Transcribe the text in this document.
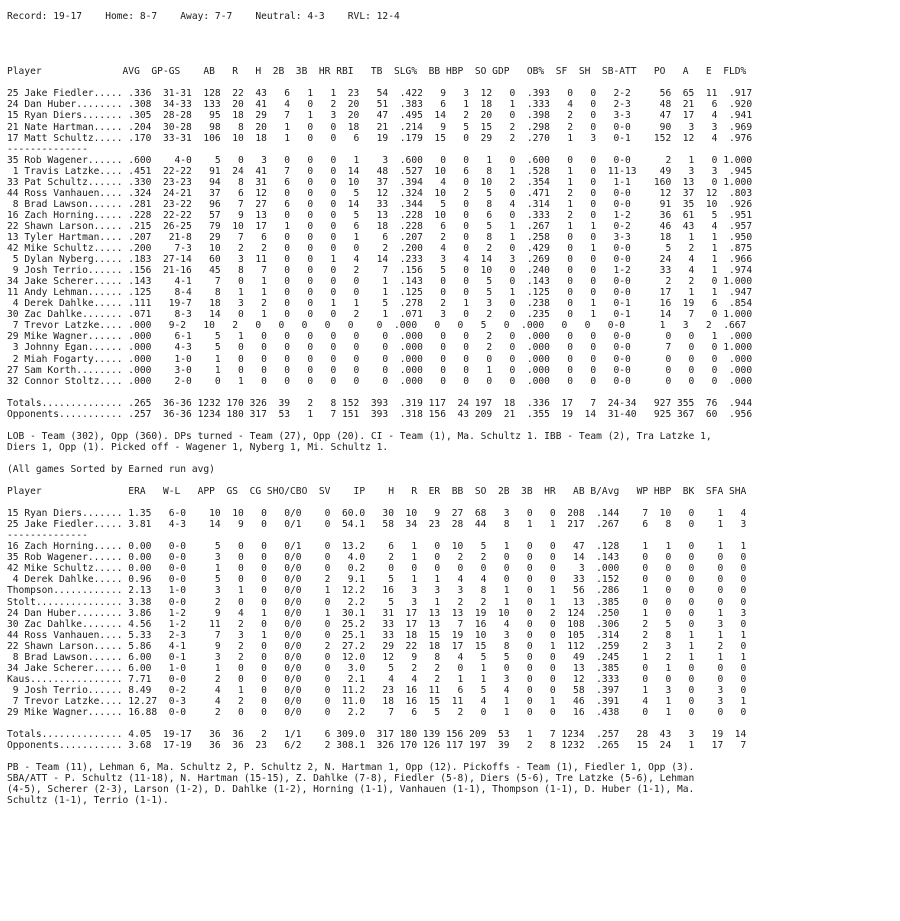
Record: 19-17    Home: 8-7    Away: 7-7    Neutral: 4-3    RVL: 12-4
Player              AVG  GP-GS    AB   R   H  2B  3B  HR RBI   TB  SLG%  BB HBP  SO GDP   OB%  SF  SH  SB-ATT   PO   A   E  FLD%
25 Jake Fiedler..... .336  31-31  128  22  43   6   1   1  23   54  .422   9   3  12   0  .393   0   0   2-2     56  65  11  .917
24 Dan Huber........ .308  34-33  133  20  41   4   0   2  20   51  .383   6   1  18   1  .333   4   0   2-3     48  21   6  .920
15 Ryan Diers....... .305  28-28   95  18  29   7   1   3  20   47  .495  14   2  20   0  .398   2   0   3-3     47  17   4  .941
21 Nate Hartman..... .204  30-28   98   8  20   1   0   0  18   21  .214   9   5  15   2  .298   2   0   0-0     90   3   3  .969
17 Matt Schultz..... .170  33-31  106  10  18   1   0   0   6   19  .179  15   0  29   2  .270   1   3   0-1    152  12   4  .976
--------------
35 Rob Wagener...... .600    4-0    5   0   3   0   0   0   1    3  .600   0   0   1   0  .600   0   0   0-0      2   1   0 1.000
1 Travis Latzke.... .451  22-22   91  24  41   7   0   0  14   48  .527  10   6   8   1  .528   1   0  11-13    49   3   3  .945
33 Pat Schultz...... .330  23-23   94   8  31   6   0   0  10   37  .394   4   0  10   2  .354   1   0   1-1    160  13   0 1.000
44 Ross Vanhauen.... .324  24-21   37   6  12   0   0   0   5   12  .324  10   2   5   0  .471   2   0   0-0     12  37  12  .803
8 Brad Lawson...... .281  23-22   96   7  27   6   0   0  14   33  .344   5   0   8   4  .314   1   0   0-0     91  35  10  .926
16 Zach Horning..... .228  22-22   57   9  13   0   0   0   5   13  .228  10   0   6   0  .333   2   0   1-2     36  61   5  .951
22 Shawn Larson..... .215  26-25   79  10  17   1   0   0   6   18  .228   6   0   5   1  .267   1   1   0-2     46  43   4  .957
13 Tyler Hartman.... .207   21-8   29   7   6   0   0   0   1    6  .207   2   0   8   1  .258   0   0   3-3     18   1   1  .950
42 Mike Schultz..... .200    7-3   10   2   2   0   0   0   0    2  .200   4   0   2   0  .429   0   1   0-0      5   2   1  .875
5 Dylan Nyberg..... .183  27-14   60   3  11   0   0   1   4   14  .233   3   4  14   3  .269   0   0   0-0     24   4   1  .966
9 Josh Terrio...... .156  21-16   45   8   7   0   0   0   2    7  .156   5   0  10   0  .240   0   0   1-2     33   4   1  .974
34 Jake Scherer..... .143    4-1    7   0   1   0   0   0   0    1  .143   0   0   5   0  .143   0   0   0-0      2   2   0 1.000
11 Andy Lehman...... .125    8-4    8   1   1   0   0   0   0    1  .125   0   0   5   1  .125   0   0   0-0     17   1   1  .947
4 Derek Dahlke..... .111   19-7   18   3   2   0   0   1   1    5  .278   2   1   3   0  .238   0   1   0-1     16  19   6  .854
30 Zac Dahlke....... .071    8-3   14   0   1   0   0   0   2    1  .071   3   0   2   0  .235   0   1   0-1     14   7   0 1.000
7 Trevor Latzke.... .000   9-2   10   2   0   0   0   0   0    0  .000   0   0   5   0  .000   0   0   0-0      1   3   2  .667
29 Mike Wagner...... .000    6-1    5   1   0   0   0   0   0    0  .000   0   0   2   0  .000   0   0   0-0      0   0   1  .000
3 Johnny Egan...... .000    4-3    5   0   0   0   0   0   0    0  .000   0   0   2   0  .000   0   0   0-0      7   0   0 1.000
2 Miah Fogarty..... .000    1-0    1   0   0   0   0   0   0    0  .000   0   0   0   0  .000   0   0   0-0      0   0   0  .000
27 Sam Korth........ .000    3-0    1   0   0   0   0   0   0    0  .000   0   0   1   0  .000   0   0   0-0      0   0   0  .000
32 Connor Stoltz.... .000    2-0    0   1   0   0   0   0   0    0  .000   0   0   0   0  .000   0   0   0-0      0   0   0  .000
Totals.............. .265  36-36 1232 170 326  39   2   8 152  393  .319 117  24 197  18  .336  17   7  24-34   927 355  76  .944
Opponents........... .257  36-36 1234 180 317  53   1   7 151  393  .318 156  43 209  21  .355  19  14  31-40   925 367  60  .956
LOB - Team (302), Opp (360). DPs turned - Team (27), Opp (20). CI - Team (1), Ma. Schultz 1. IBB - Team (2), Tra Latzke 1,
Diers 1, Opp (1). Picked off - Wagener 1, Nyberg 1, Mi. Schultz 1.
(All games Sorted by Earned run avg)
Player               ERA   W-L   APP  GS  CG SHO/CBO  SV    IP    H   R  ER  BB  SO  2B  3B  HR   AB B/Avg   WP HBP  BK  SFA SHA
15 Ryan Diers....... 1.35   6-0    10  10   0   0/0    0  60.0   30  10   9  27  68   3   0   0  208  .144    7  10   0    1   4
25 Jake Fiedler..... 3.81   4-3    14   9   0   0/1    0  54.1   58  34  23  28  44   8   1   1  217  .267    6   8   0    1   3
--------------
16 Zach Horning..... 0.00   0-0     5   0   0   0/1    0  13.2    6   1   0  10   5   1   0   0   47  .128    1   1   0    1   1
35 Rob Wagener...... 0.00   0-0     3   0   0   0/0    0   4.0    2   1   0   2   2   0   0   0   14  .143    0   0   0    0   0
42 Mike Schultz..... 0.00   0-0     1   0   0   0/0    0   0.2    0   0   0   0   0   0   0   0    3  .000    0   0   0    0   0
4 Derek Dahlke..... 0.96   0-0     5   0   0   0/0    2   9.1    5   1   1   4   4   0   0   0   33  .152    0   0   0    0   0
Thompson............ 2.13   1-0     3   1   0   0/0    1  12.2   16   3   3   3   8   1   0   1   56  .286    1   0   0    0   0
Stolt............... 3.38   0-0     2   0   0   0/0    0   2.2    5   3   1   2   2   1   0   1   13  .385    0   0   0    0   0
24 Dan Huber........ 3.86   1-2     9   4   1   0/0    1  30.1   31  17  13  13  19  10   0   2  124  .250    1   0   0    1   3
30 Zac Dahlke....... 4.56   1-2    11   2   0   0/0    0  25.2   33  17  13   7  16   4   0   0  108  .306    2   5   0    3   0
44 Ross Vanhauen.... 5.33   2-3     7   3   1   0/0    0  25.1   33  18  15  19  10   3   0   0  105  .314    2   8   1    1   1
22 Shawn Larson..... 5.86   4-1     9   2   0   0/0    2  27.2   29  22  18  17  15   8   0   1  112  .259    2   3   1    2   0
8 Brad Lawson...... 6.00   0-1     3   2   0   0/0    0  12.0   12   9   8   4   5   5   0   0   49  .245    1   2   1    1   1
34 Jake Scherer..... 6.00   1-0     1   0   0   0/0    0   3.0    5   2   2   0   1   0   0   0   13  .385    0   1   0    0   0
Kaus................ 7.71   0-0     2   0   0   0/0    0   2.1    4   4   2   1   1   3   0   0   12  .333    0   0   0    0   0
9 Josh Terrio...... 8.49   0-2     4   1   0   0/0    0  11.2   23  16  11   6   5   4   0   0   58  .397    1   3   0    3   0
7 Trevor Latzke.... 12.27  0-3     4   2   0   0/0    0  11.0   18  16  15  11   4   1   0   1   46  .391    4   1   0    3   1
29 Mike Wagner...... 16.88  0-0     2   0   0   0/0    0   2.2    7   6   5   2   0   1   0   0   16  .438    0   1   0    0   0
Totals.............. 4.05  19-17   36  36   2   1/1    6 309.0  317 180 139 156 209  53   1   7 1234  .257   28  43   3   19  14
Opponents........... 3.68  17-19   36  36  23   6/2    2 308.1  326 170 126 117 197  39   2   8 1232  .265   15  24   1   17   7
PB - Team (11), Lehman 6, Ma. Schultz 2, P. Schultz 2, N. Hartman 1, Opp (12). Pickoffs - Team (1), Fiedler 1, Opp (3).
SBA/ATT - P. Schultz (11-18), N. Hartman (15-15), Z. Dahlke (7-8), Fiedler (5-8), Diers (5-6), Tre Latzke (5-6), Lehman
(4-5), Scherer (2-3), Larson (1-2), D. Dahlke (1-2), Horning (1-1), Vanhauen (1-1), Thompson (1-1), D. Huber (1-1), Ma.
Schultz (1-1), Terrio (1-1).
